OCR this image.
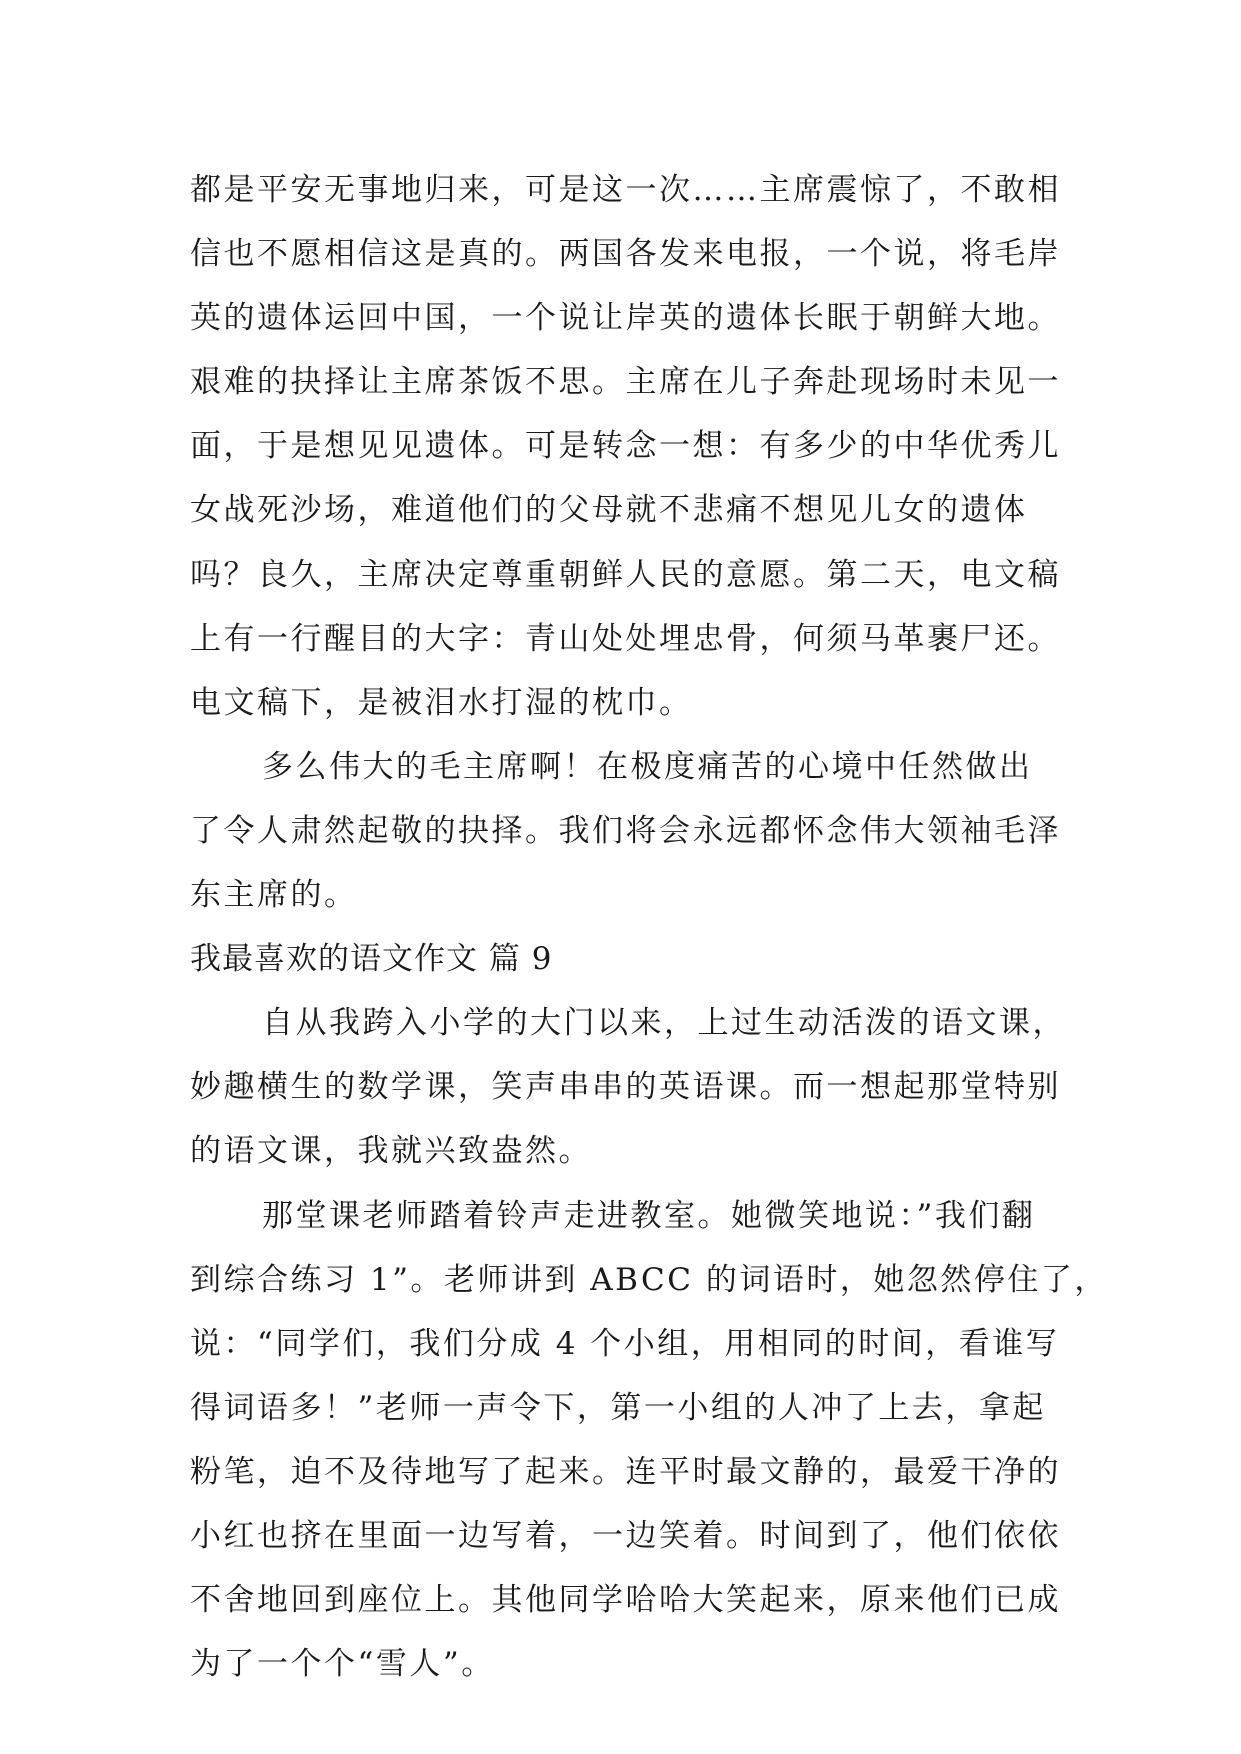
都是平安无事地归来，可是这一次……主席震惊了，不敢相
信也不愿相信这是真的。两国各发来电报，一个说，将毛岸
英的遗体运回中国，一个说让岸英的遗体长眠于朝鲜大地。
艰难的抉择让主席茶饭不思。主席在儿子奔赴现场时未见一
面，于是想见见遗体。可是转念一想：有多少的中华优秀儿
女战死沙场，难道他们的父母就不悲痛不想见儿女的遗体
吗？良久，主席决定尊重朝鲜人民的意愿。第二天，电文稿
上有一行醒目的大字：青山处处埋忠骨，何须马革裹尸还。
电文稿下，是被泪水打湿的枕巾。
多么伟大的毛主席啊！在极度痛苦的心境中任然做出
了令人肃然起敬的抉择。我们将会永远都怀念伟大领袖毛泽
东主席的。
我最喜欢的语文作文 篇 9
自从我跨入小学的大门以来，上过生动活泼的语文课，
妙趣横生的数学课，笑声串串的英语课。而一想起那堂特别
的语文课，我就兴致盎然。
那堂课老师踏着铃声走进教室。她微笑地说：”我们翻
到综合练习 1”。老师讲到 ABCC 的词语时，她忽然停住了，
说：“同学们，我们分成 4 个小组，用相同的时间，看谁写
得词语多！”老师一声令下，第一小组的人冲了上去，拿起
粉笔，迫不及待地写了起来。连平时最文静的，最爱干净的
小红也挤在里面一边写着，一边笑着。时间到了，他们依依
不舍地回到座位上。其他同学哈哈大笑起来，原来他们已成
为了一个个“雪人”。
